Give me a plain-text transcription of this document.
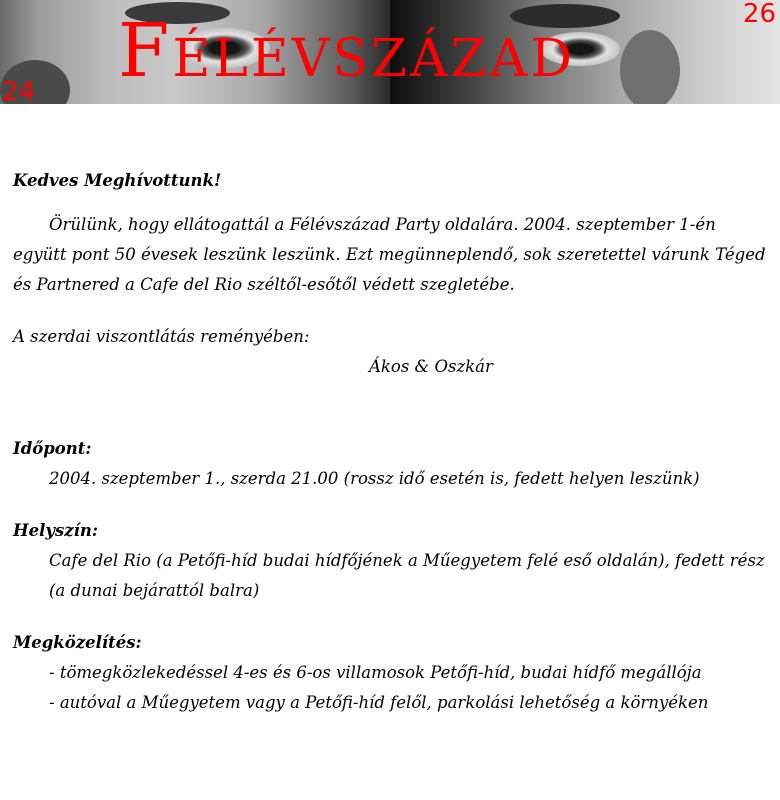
Félévszázad
24
26

Kedves Meghívottunk!

Örülünk, hogy ellátogattál a Félévszázad Party oldalára. 2004. szeptember 1-én együtt pont 50 évesek leszünk leszünk. Ezt megünneplendő, sok szeretettel várunk Téged és Partnered a Cafe del Rio széltől-esőtől védett szegletébe.

A szerdai viszontlátás reményében:

Ákos & Oszkár

Időpont:

2004. szeptember 1., szerda 21.00 (rossz idő esetén is, fedett helyen leszünk)

Helyszín:

Cafe del Rio (a Petőfi-híd budai hídfőjének a Műegyetem felé eső oldalán), fedett rész (a dunai bejárattól balra)

Megközelítés:

- tömegközlekedéssel 4-es és 6-os villamosok Petőfi-híd, budai hídfő megállója

- autóval a Műegyetem vagy a Petőfi-híd felől, parkolási lehetőség a környéken
